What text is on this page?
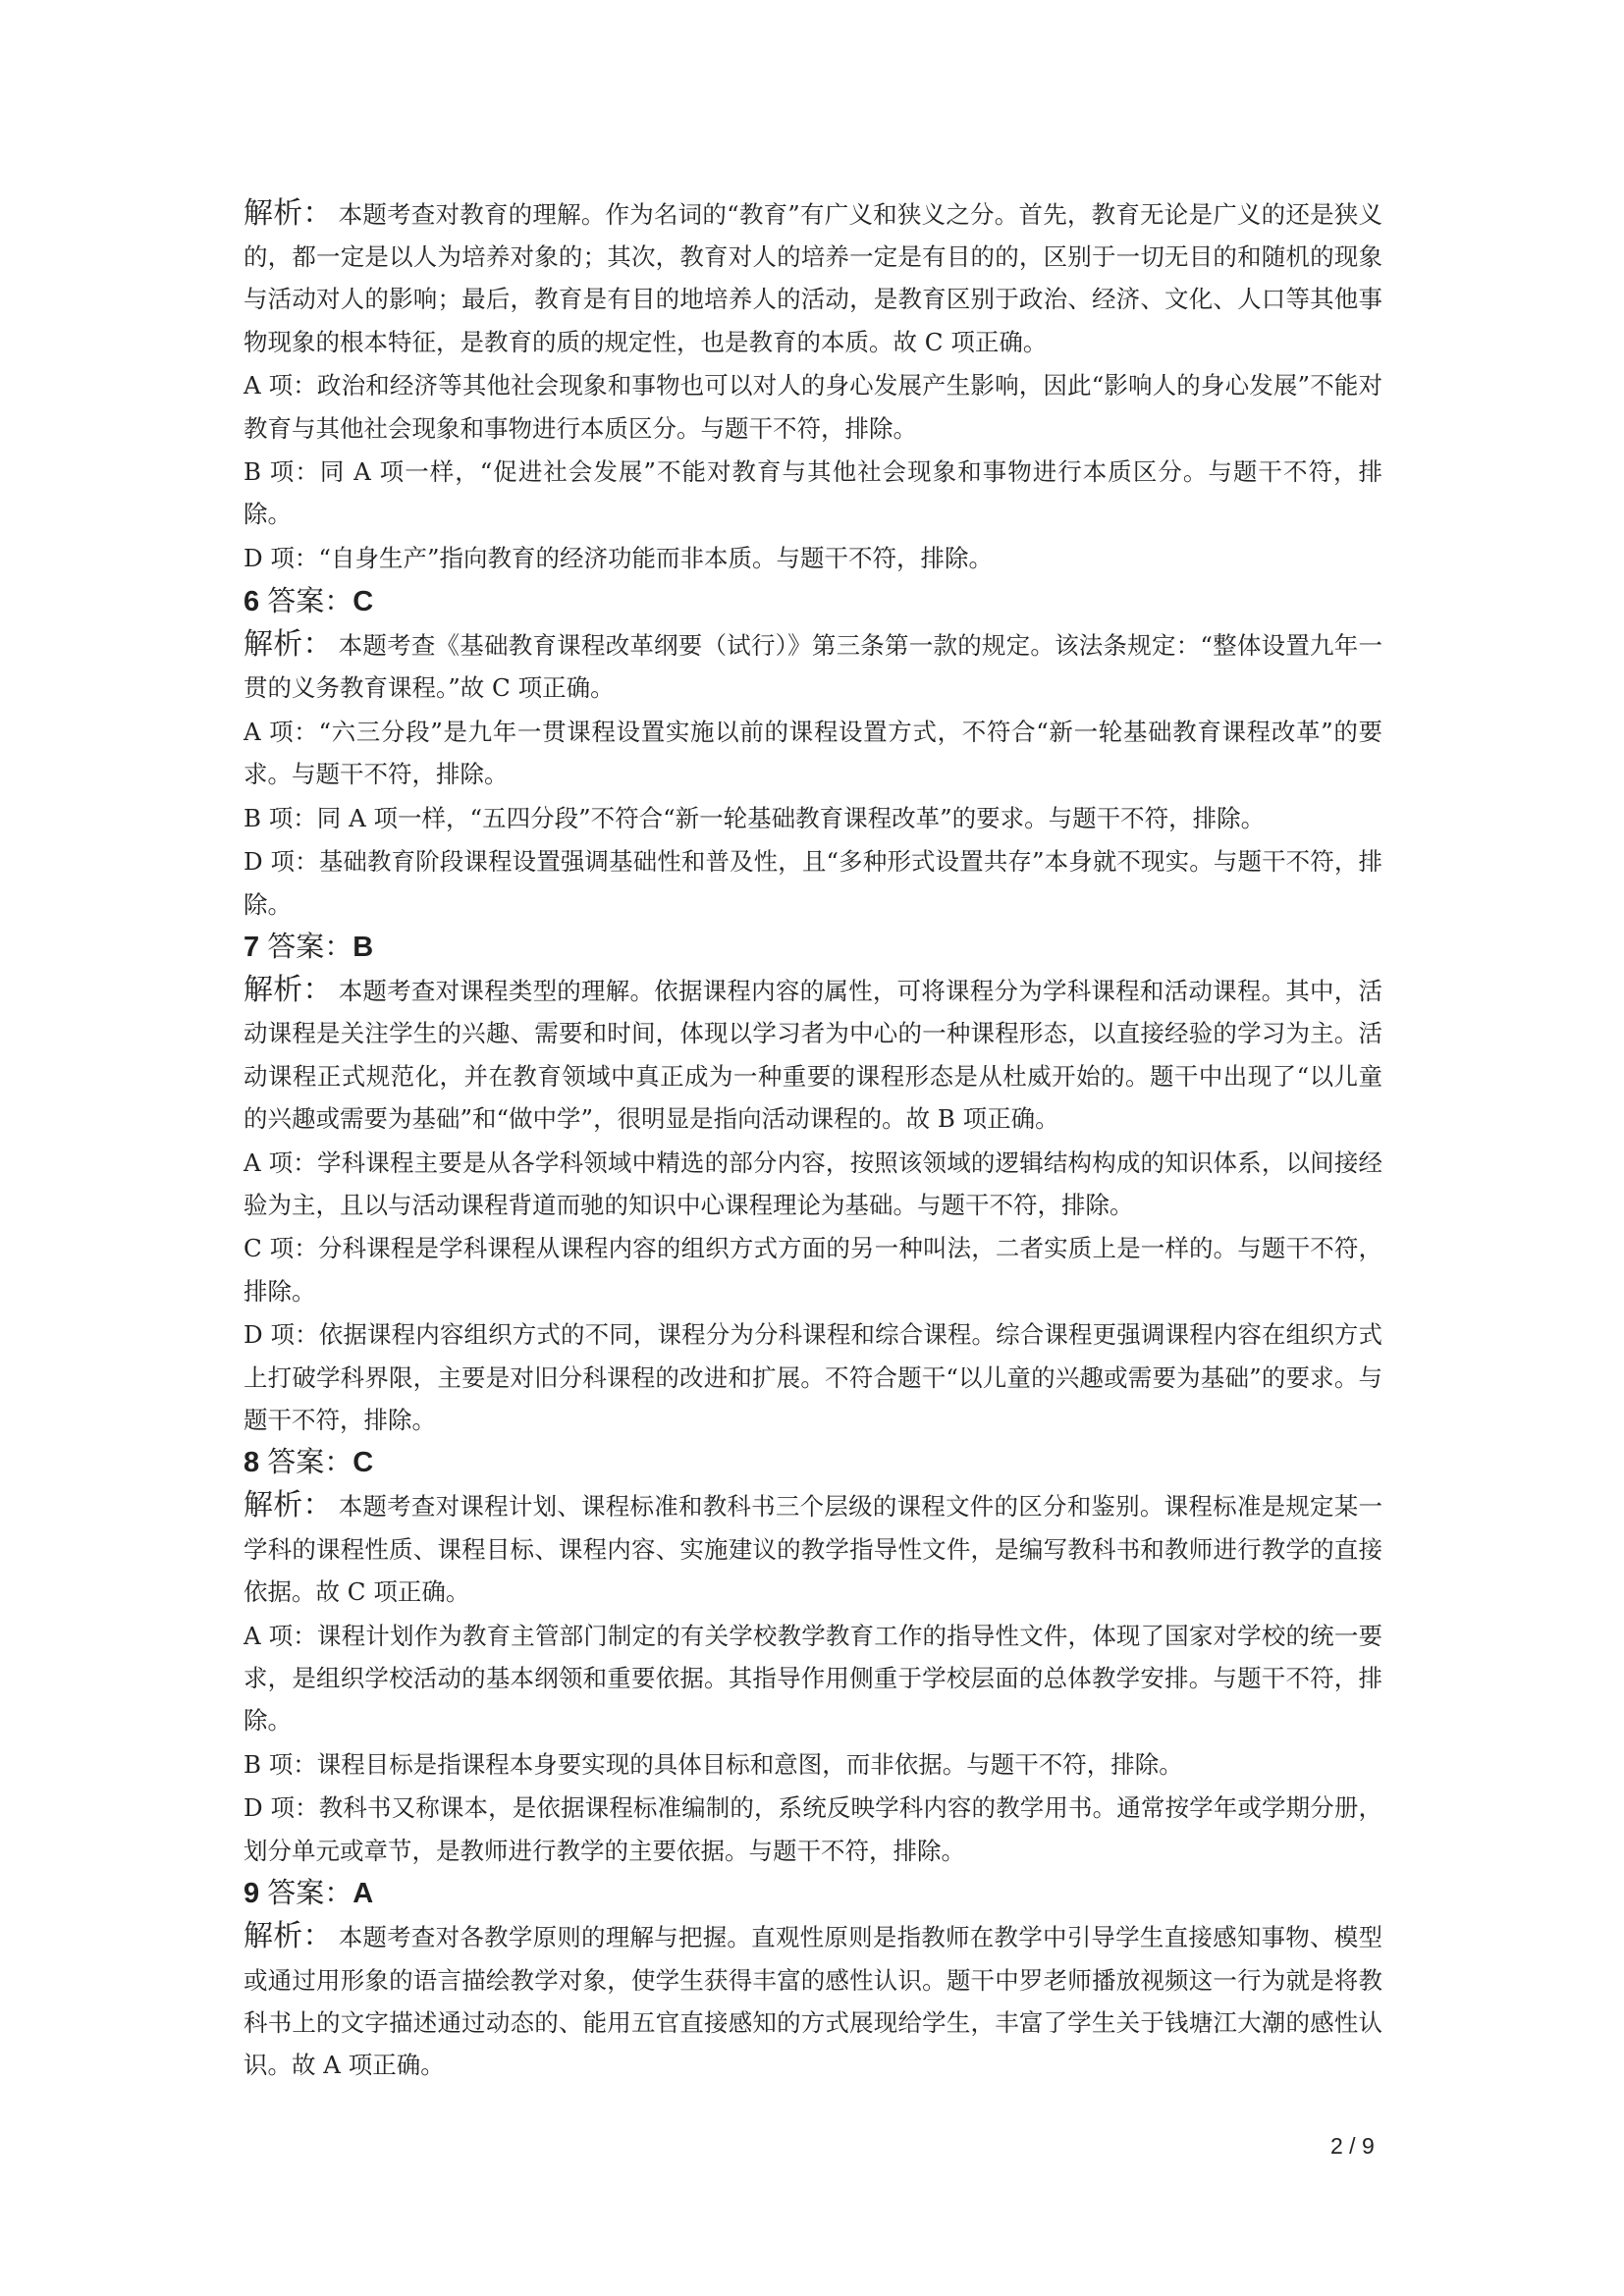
解析： 本题考查对教育的理解。作为名词的“教育”有广义和狭义之分。首先，教育无论是广义的还是狭义的，都一定是以人为培养对象的；其次，教育对人的培养一定是有目的的，区别于一切无目的和随机的现象与活动对人的影响；最后，教育是有目的地培养人的活动，是教育区别于政治、经济、文化、人口等其他事物现象的根本特征，是教育的质的规定性，也是教育的本质。故 C 项正确。
A 项：政治和经济等其他社会现象和事物也可以对人的身心发展产生影响，因此“影响人的身心发展”不能对教育与其他社会现象和事物进行本质区分。与题干不符，排除。
B 项：同 A 项一样，“促进社会发展”不能对教育与其他社会现象和事物进行本质区分。与题干不符，排除。
D 项：“自身生产”指向教育的经济功能而非本质。与题干不符，排除。
6 答案：C
解析： 本题考查《基础教育课程改革纲要（试行）》第三条第一款的规定。该法条规定：“整体设置九年一贯的义务教育课程。”故 C 项正确。
A 项：“六三分段”是九年一贯课程设置实施以前的课程设置方式，不符合“新一轮基础教育课程改革”的要求。与题干不符，排除。
B 项：同 A 项一样，“五四分段”不符合“新一轮基础教育课程改革”的要求。与题干不符，排除。
D 项：基础教育阶段课程设置强调基础性和普及性，且“多种形式设置共存”本身就不现实。与题干不符，排除。
7 答案：B
解析： 本题考查对课程类型的理解。依据课程内容的属性，可将课程分为学科课程和活动课程。其中，活动课程是关注学生的兴趣、需要和时间，体现以学习者为中心的一种课程形态，以直接经验的学习为主。活动课程正式规范化，并在教育领域中真正成为一种重要的课程形态是从杜威开始的。题干中出现了“以儿童的兴趣或需要为基础”和“做中学”，很明显是指向活动课程的。故 B 项正确。
A 项：学科课程主要是从各学科领域中精选的部分内容，按照该领域的逻辑结构构成的知识体系，以间接经验为主，且以与活动课程背道而驰的知识中心课程理论为基础。与题干不符，排除。
C 项：分科课程是学科课程从课程内容的组织方式方面的另一种叫法，二者实质上是一样的。与题干不符，排除。
D 项：依据课程内容组织方式的不同，课程分为分科课程和综合课程。综合课程更强调课程内容在组织方式上打破学科界限，主要是对旧分科课程的改进和扩展。不符合题干“以儿童的兴趣或需要为基础”的要求。与题干不符，排除。
8 答案：C
解析： 本题考查对课程计划、课程标准和教科书三个层级的课程文件的区分和鉴别。课程标准是规定某一学科的课程性质、课程目标、课程内容、实施建议的教学指导性文件，是编写教科书和教师进行教学的直接依据。故 C 项正确。
A 项：课程计划作为教育主管部门制定的有关学校教学教育工作的指导性文件，体现了国家对学校的统一要求，是组织学校活动的基本纲领和重要依据。其指导作用侧重于学校层面的总体教学安排。与题干不符，排除。
B 项：课程目标是指课程本身要实现的具体目标和意图，而非依据。与题干不符，排除。
D 项：教科书又称课本，是依据课程标准编制的，系统反映学科内容的教学用书。通常按学年或学期分册，划分单元或章节，是教师进行教学的主要依据。与题干不符，排除。
9 答案：A
解析： 本题考查对各教学原则的理解与把握。直观性原则是指教师在教学中引导学生直接感知事物、模型或通过用形象的语言描绘教学对象，使学生获得丰富的感性认识。题干中罗老师播放视频这一行为就是将教科书上的文字描述通过动态的、能用五官直接感知的方式展现给学生，丰富了学生关于钱塘江大潮的感性认识。故 A 项正确。
2 / 9
